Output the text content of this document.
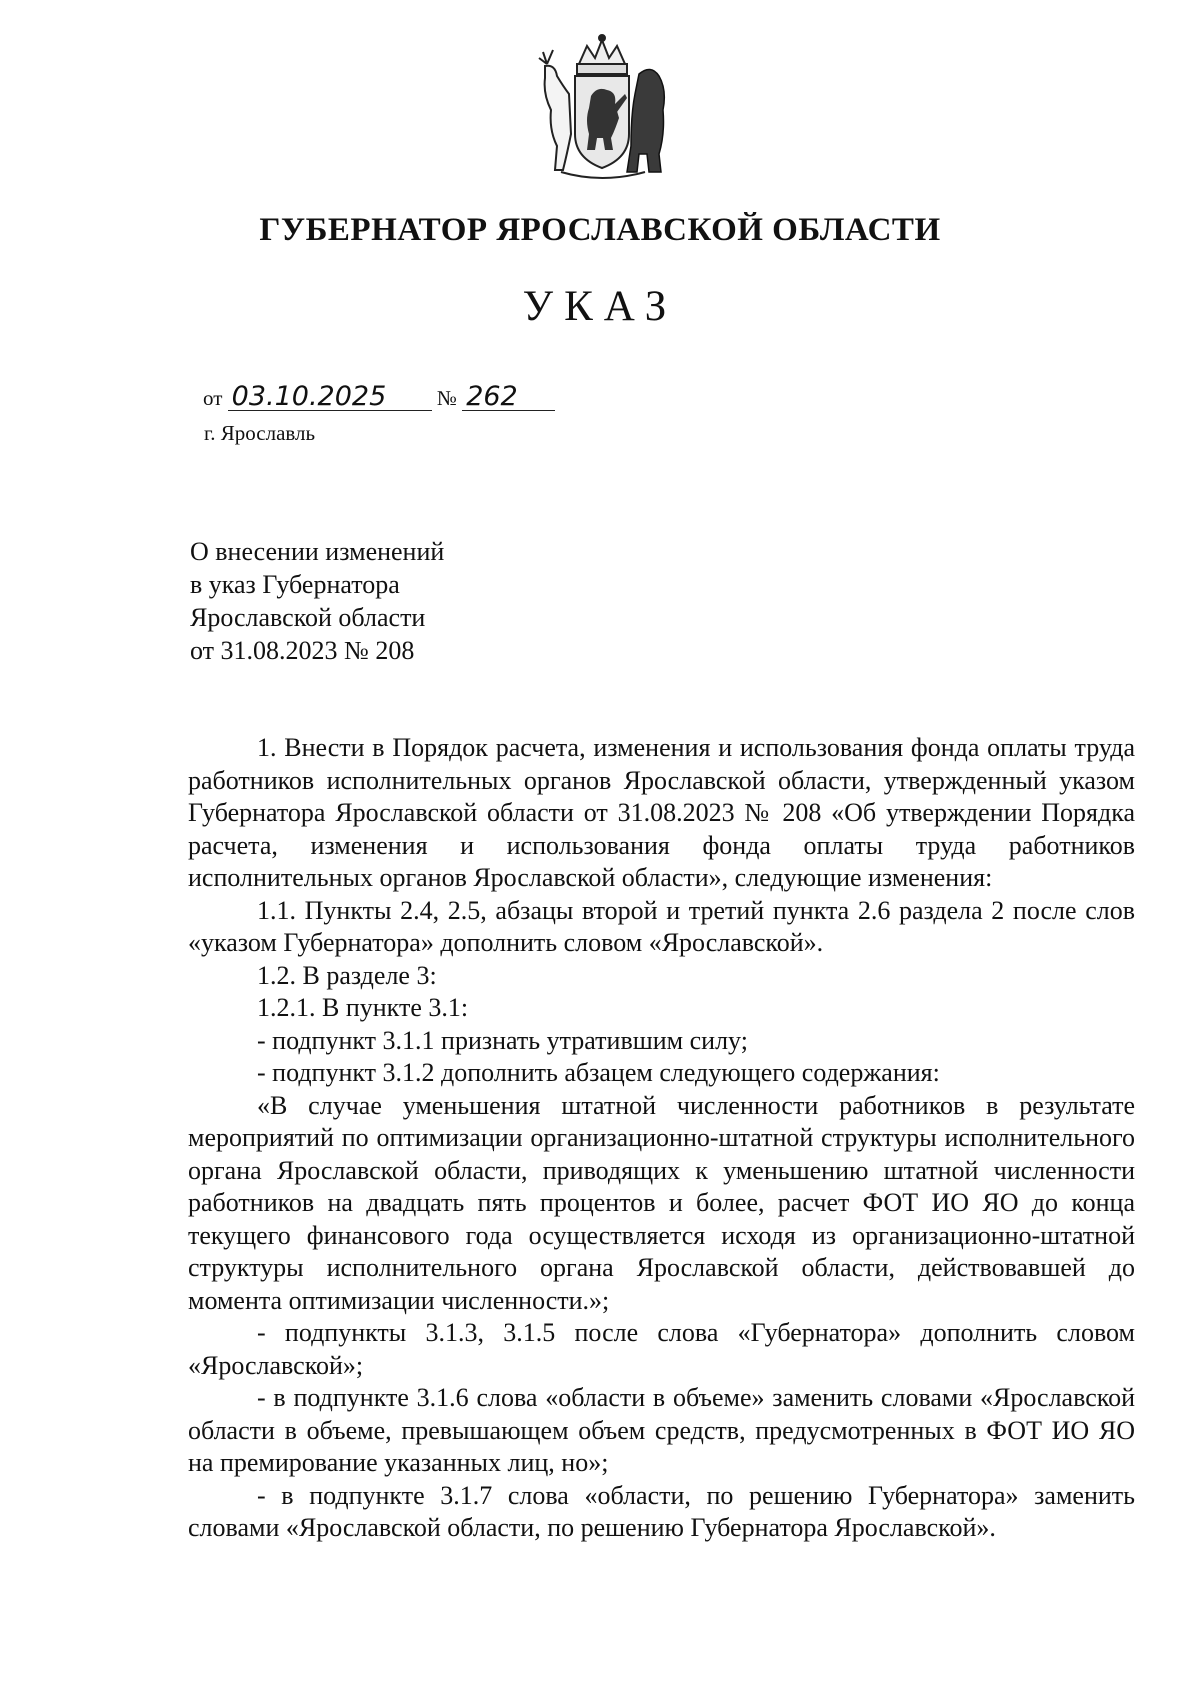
ГУБЕРНАТОР ЯРОСЛАВСКОЙ ОБЛАСТИ
УКАЗ
от 03.10.2025 № 262
г. Ярославль
О внесении изменений
в указ Губернатора
Ярославской области
от 31.08.2023 № 208

1. Внести в Порядок расчета, изменения и использования фонда оплаты труда работников исполнительных органов Ярославской области, утвержденный указом Губернатора Ярославской области от 31.08.2023 № 208 «Об утверждении Порядка расчета, изменения и использования фонда оплаты труда работников исполнительных органов Ярославской области», следующие изменения:

1.1. Пункты 2.4, 2.5, абзацы второй и третий пункта 2.6 раздела 2 после слов «указом Губернатора» дополнить словом «Ярославской».

1.2. В разделе 3:

1.2.1. В пункте 3.1:

- подпункт 3.1.1 признать утратившим силу;

- подпункт 3.1.2 дополнить абзацем следующего содержания:

«В случае уменьшения штатной численности работников в результате мероприятий по оптимизации организационно-штатной структуры исполнительного органа Ярославской области, приводящих к уменьшению штатной численности работников на двадцать пять процентов и более, расчет ФОТ ИО ЯО до конца текущего финансового года осуществляется исходя из организационно-штатной структуры исполнительного органа Ярославской области, действовавшей до момента оптимизации численности.»;

- подпункты 3.1.3, 3.1.5 после слова «Губернатора» дополнить словом «Ярославской»;

- в подпункте 3.1.6 слова «области в объеме» заменить словами «Ярославской области в объеме, превышающем объем средств, предусмотренных в ФОТ ИО ЯО на премирование указанных лиц, но»;

- в подпункте 3.1.7 слова «области, по решению Губернатора» заменить словами «Ярославской области, по решению Губернатора Ярославской».
